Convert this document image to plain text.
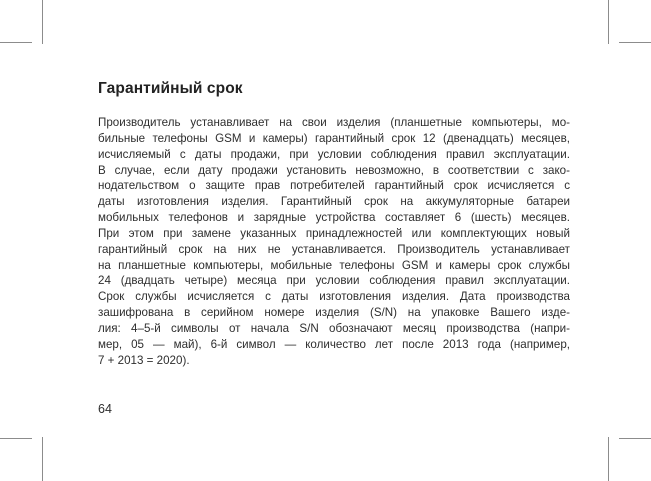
Гарантийный срок
Производитель устанавливает на свои изделия (планшетные компьютеры, мо-
бильные телефоны GSM и камеры) гарантийный срок 12 (двенадцать) месяцев,
исчисляемый с даты продажи, при условии соблюдения правил эксплуатации.
В случае, если дату продажи установить невозможно, в соответствии с зако-
нодательством о защите прав потребителей гарантийный срок исчисляется с
даты изготовления изделия. Гарантийный срок на аккумуляторные батареи
мобильных телефонов и зарядные устройства составляет 6 (шесть) месяцев.
При этом при замене указанных принадлежностей или комплектующих новый
гарантийный срок на них не устанавливается. Производитель устанавливает
на планшетные компьютеры, мобильные телефоны GSM и камеры срок службы
24 (двадцать четыре) месяца при условии соблюдения правил эксплуатации.
Срок службы исчисляется с даты изготовления изделия. Дата производства
зашифрована в серийном номере изделия (S/N) на упаковке Вашего изде-
лия: 4–5-й символы от начала S/N обозначают месяц производства (напри-
мер, 05 — май), 6-й символ — количество лет после 2013 года (например,
7 + 2013 = 2020).

64
